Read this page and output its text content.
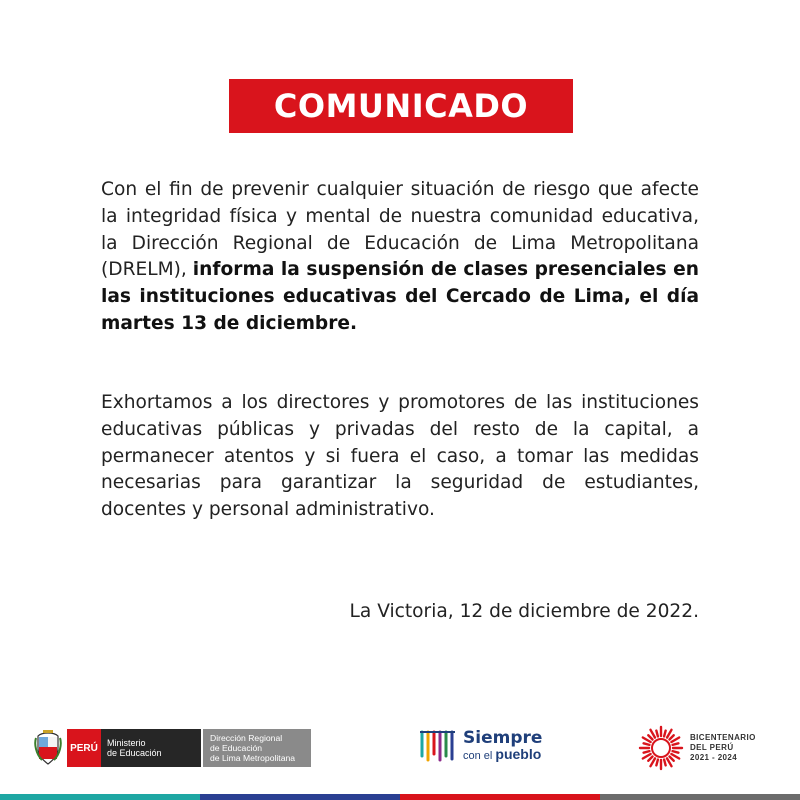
COMUNICADO

Con el fin de prevenir cualquier situación de riesgo que afecte la integridad física y mental de nuestra comunidad educativa, la Dirección Regional de Educación de Lima Metropolitana (DRELM), informa la suspensión de clases presenciales en las instituciones educativas del Cercado de Lima, el día martes 13 de diciembre.

Exhortamos a los directores y promotores de las instituciones educativas públicas y privadas del resto de la capital, a permanecer atentos y si fuera el caso, a tomar las medidas necesarias para garantizar la seguridad de estudiantes, docentes y personal administrativo.

La Victoria, 12 de diciembre de 2022.
PERÚ	Ministerio
de Educación
Dirección Regional
de Educación
de Lima Metropolitana
Siempre
con el pueblo
BICENTENARIO
DEL PERÚ
2021 - 2024
